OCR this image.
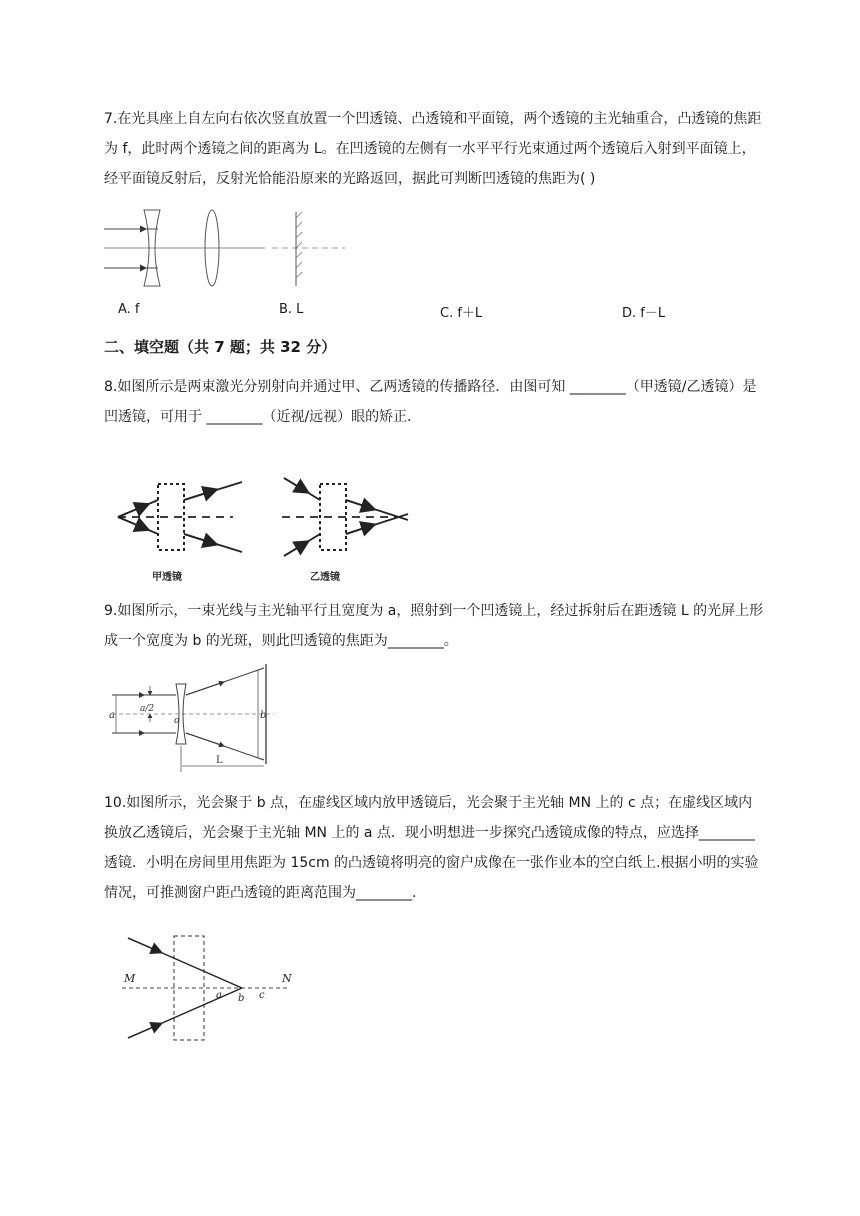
7.在光具座上自左向右依次竖直放置一个凹透镜、凸透镜和平面镜，两个透镜的主光轴重合，凸透镜的焦距为 f，此时两个透镜之间的距离为 L。在凹透镜的左侧有一水平平行光束通过两个透镜后入射到平面镜上，经平面镜反射后，反射光恰能沿原来的光路返回，据此可判断凹透镜的焦距为( )

A. f	B. L	C. f＋L	D. f－L

二、填空题（共 7 题；共 32 分）

8.如图所示是两束激光分别射向并通过甲、乙两透镜的传播路径．由图可知 ________（甲透镜/乙透镜）是凹透镜，可用于 ________（近视/远视）眼的矫正．

甲透镜	乙透镜

9.如图所示，一束光线与主光轴平行且宽度为 a，照射到一个凹透镜上，经过拆射后在距透镜 L 的光屏上形成一个宽度为 b 的光斑，则此凹透镜的焦距为________。

a
a/2
o	b
L

10.如图所示，光会聚于 b 点，在虚线区域内放甲透镜后，光会聚于主光轴 MN 上的 c 点；在虚线区域内换放乙透镜后，光会聚于主光轴 MN 上的 a 点．现小明想进一步探究凸透镜成像的特点，应选择________透镜．小明在房间里用焦距为 15cm 的凸透镜将明亮的窗户成像在一张作业本的空白纸上.根据小明的实验情况，可推测窗户距凸透镜的距离范围为________.

M	N
a b c
